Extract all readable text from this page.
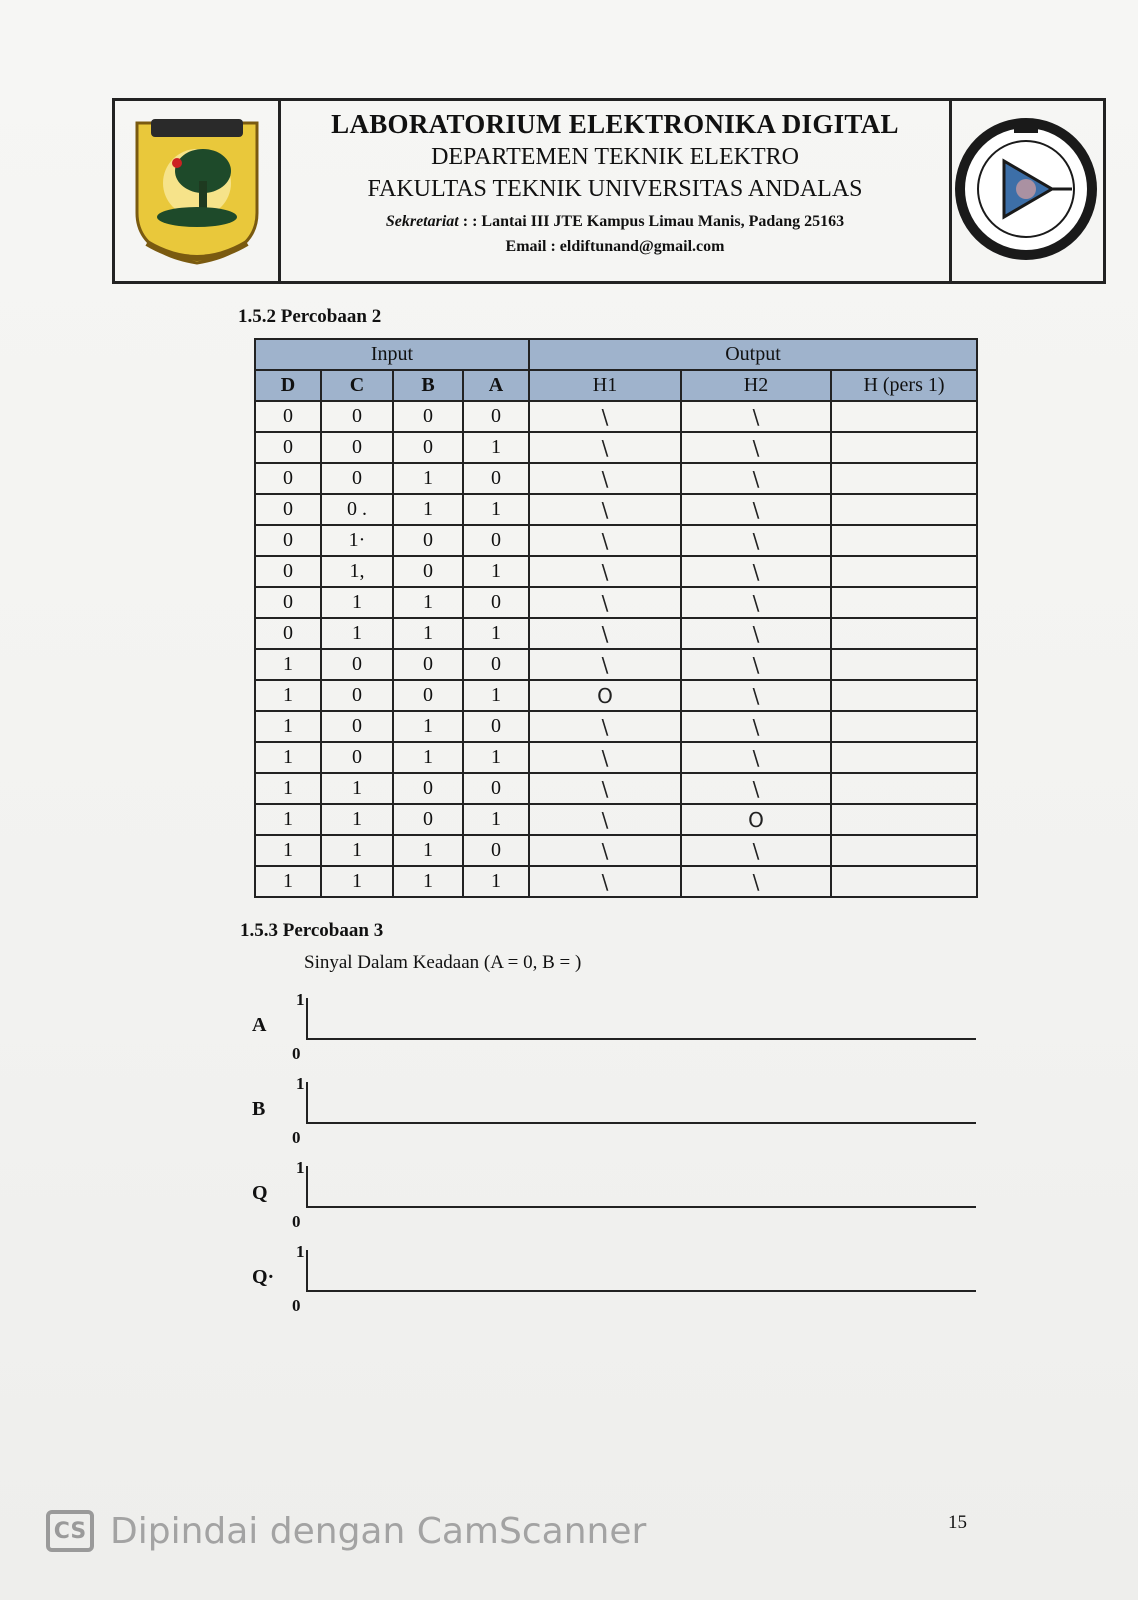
LABORATORIUM ELEKTRONIKA DIGITAL
DEPARTEMEN TEKNIK ELEKTRO
FAKULTAS TEKNIK UNIVERSITAS ANDALAS
Sekretariat : : Lantai III JTE Kampus Limau Manis, Padang 25163
Email : eldiftunand@gmail.com
1.5.2 Percobaan 2
Input				Output		
D	C	B	A	H1	H2	H (pers 1)
0	0	0	0	\	\	
0	0	0	1	\	\	
0	0	1	0	\	\	
0	0 .	1	1	\	\	
0	1·	0	0	\	\	
0	1,	0	1	\	\	
0	1	1	0	\	\	
0	1	1	1	\	\	
1	0	0	0	\	\	
1	0	0	1	O	\	
1	0	1	0	\	\	
1	0	1	1	\	\	
1	1	0	0	\	\	
1	1	0	1	\	O	
1	1	1	0	\	\	
1	1	1	1	\	\	
1.5.3 Percobaan 3
Sinyal Dalam Keadaan (A = 0, B = )
1
0
A
1
0
B
1
0
Q
1
0
Q·
15
CS Dipindai dengan CamScanner
